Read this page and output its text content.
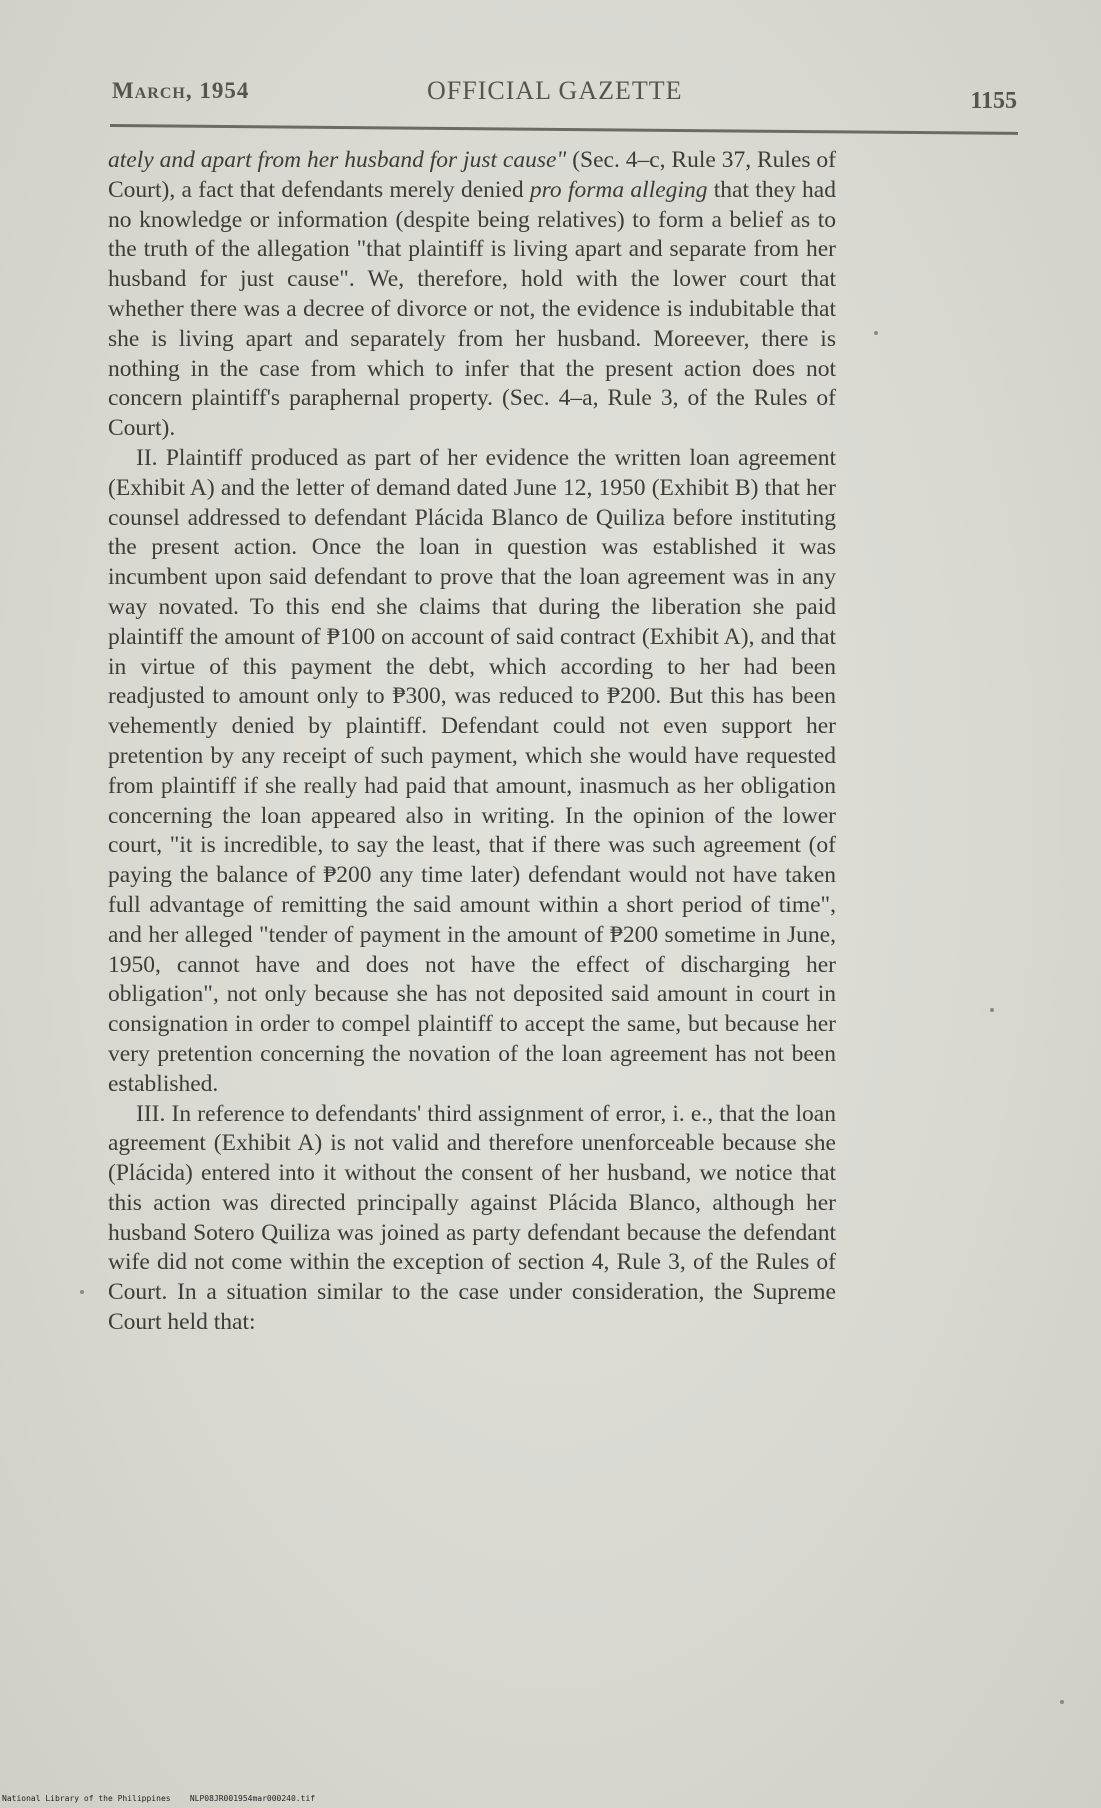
March, 1954	OFFICIAL GAZETTE	1155

ately and apart from her husband for just cause" (Sec. 4–c, Rule 37, Rules of Court), a fact that defendants merely denied pro forma alleging that they had no knowledge or information (despite being relatives) to form a belief as to the truth of the allegation "that plaintiff is living apart and separate from her husband for just cause". We, therefore, hold with the lower court that whether there was a decree of divorce or not, the evidence is indubitable that she is living apart and separately from her husband. Moreever, there is nothing in the case from which to infer that the present action does not concern plaintiff's paraphernal property. (Sec. 4–a, Rule 3, of the Rules of Court).

II. Plaintiff produced as part of her evidence the written loan agreement (Exhibit A) and the letter of demand dated June 12, 1950 (Exhibit B) that her counsel addressed to defendant Plácida Blanco de Quiliza before instituting the present action. Once the loan in question was established it was incumbent upon said defendant to prove that the loan agreement was in any way novated. To this end she claims that during the liberation she paid plaintiff the amount of ₱100 on account of said contract (Exhibit A), and that in virtue of this payment the debt, which according to her had been readjusted to amount only to ₱300, was reduced to ₱200. But this has been vehemently denied by plaintiff. Defendant could not even support her pretention by any receipt of such payment, which she would have requested from plaintiff if she really had paid that amount, inasmuch as her obligation concerning the loan appeared also in writing. In the opinion of the lower court, "it is incredible, to say the least, that if there was such agreement (of paying the balance of ₱200 any time later) defendant would not have taken full advantage of remitting the said amount within a short period of time", and her alleged "tender of payment in the amount of ₱200 sometime in June, 1950, cannot have and does not have the effect of discharging her obligation", not only because she has not deposited said amount in court in consignation in order to compel plaintiff to accept the same, but because her very pretention concerning the novation of the loan agreement has not been established.

III. In reference to defendants' third assignment of error, i. e., that the loan agreement (Exhibit A) is not valid and therefore unenforceable because she (Plácida) entered into it without the consent of her husband, we notice that this action was directed principally against Plácida Blanco, although her husband Sotero Quiliza was joined as party defendant because the defendant wife did not come within the exception of section 4, Rule 3, of the Rules of Court. In a situation similar to the case under consideration, the Supreme Court held that:

National Library of the Philippines NLP08JR001954mar000240.tif
